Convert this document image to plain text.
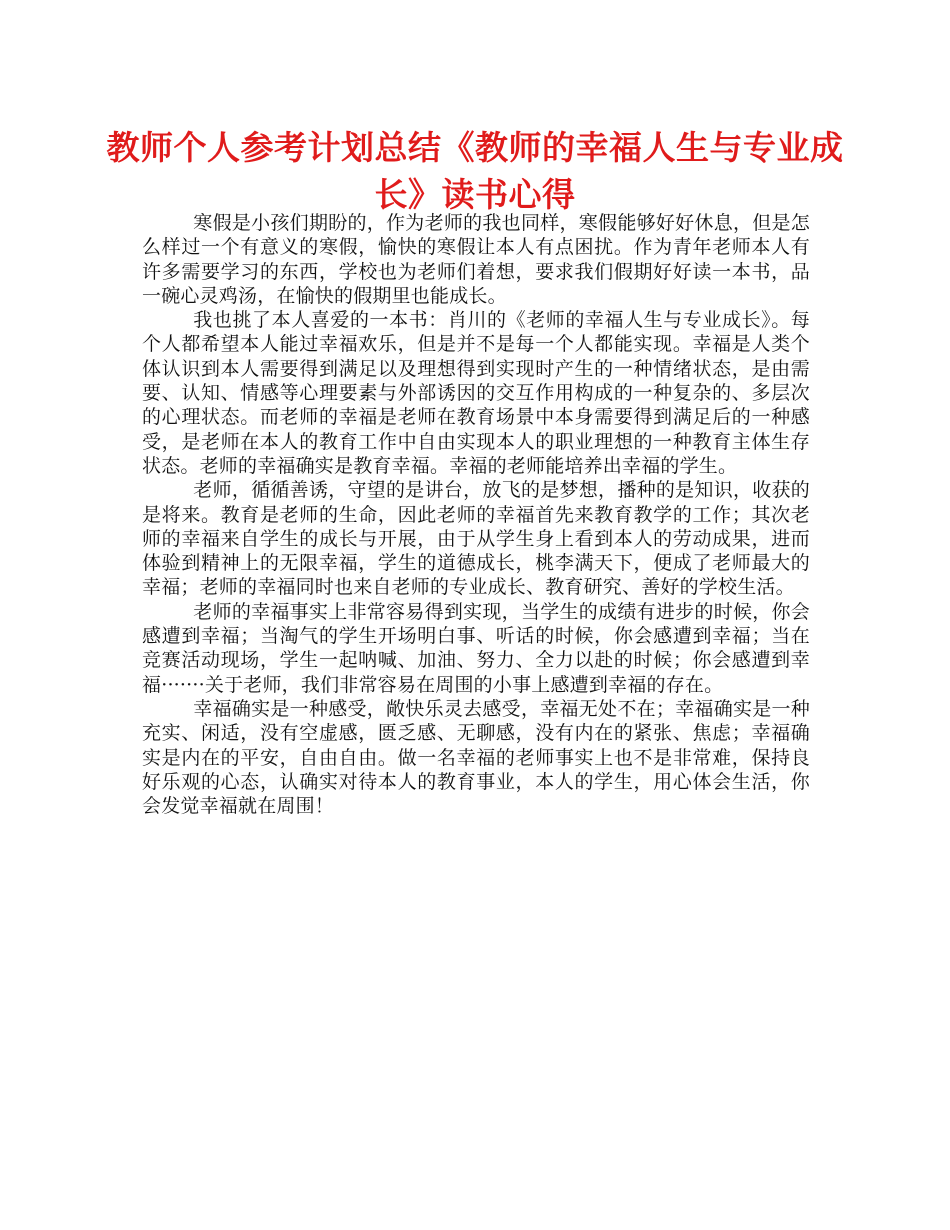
教师个人参考计划总结《教师的幸福人生与专业成长》读书心得

寒假是小孩们期盼的，作为老师的我也同样，寒假能够好好休息，但是怎么样过一个有意义的寒假，愉快的寒假让本人有点困扰。作为青年老师本人有许多需要学习的东西，学校也为老师们着想，要求我们假期好好读一本书，品一碗心灵鸡汤，在愉快的假期里也能成长。

我也挑了本人喜爱的一本书：肖川的《老师的幸福人生与专业成长》。每个人都希望本人能过幸福欢乐，但是并不是每一个人都能实现。幸福是人类个体认识到本人需要得到满足以及理想得到实现时产生的一种情绪状态，是由需要、认知、情感等心理要素与外部诱因的交互作用构成的一种复杂的、多层次的心理状态。而老师的幸福是老师在教育场景中本身需要得到满足后的一种感受，是老师在本人的教育工作中自由实现本人的职业理想的一种教育主体生存状态。老师的幸福确实是教育幸福。幸福的老师能培养出幸福的学生。

老师，循循善诱，守望的是讲台，放飞的是梦想，播种的是知识，收获的是将来。教育是老师的生命，因此老师的幸福首先来教育教学的工作；其次老师的幸福来自学生的成长与开展，由于从学生身上看到本人的劳动成果，进而体验到精神上的无限幸福，学生的道德成长，桃李满天下，便成了老师最大的幸福；老师的幸福同时也来自老师的专业成长、教育研究、善好的学校生活。

老师的幸福事实上非常容易得到实现，当学生的成绩有进步的时候，你会感遭到幸福；当淘气的学生开场明白事、听话的时候，你会感遭到幸福；当在竞赛活动现场，学生一起呐喊、加油、努力、全力以赴的时候；你会感遭到幸福·······关于老师，我们非常容易在周围的小事上感遭到幸福的存在。

幸福确实是一种感受，敞快乐灵去感受，幸福无处不在；幸福确实是一种充实、闲适，没有空虚感，匮乏感、无聊感，没有内在的紧张、焦虑；幸福确实是内在的平安，自由自由。做一名幸福的老师事实上也不是非常难，保持良好乐观的心态，认确实对待本人的教育事业，本人的学生，用心体会生活，你会发觉幸福就在周围！
